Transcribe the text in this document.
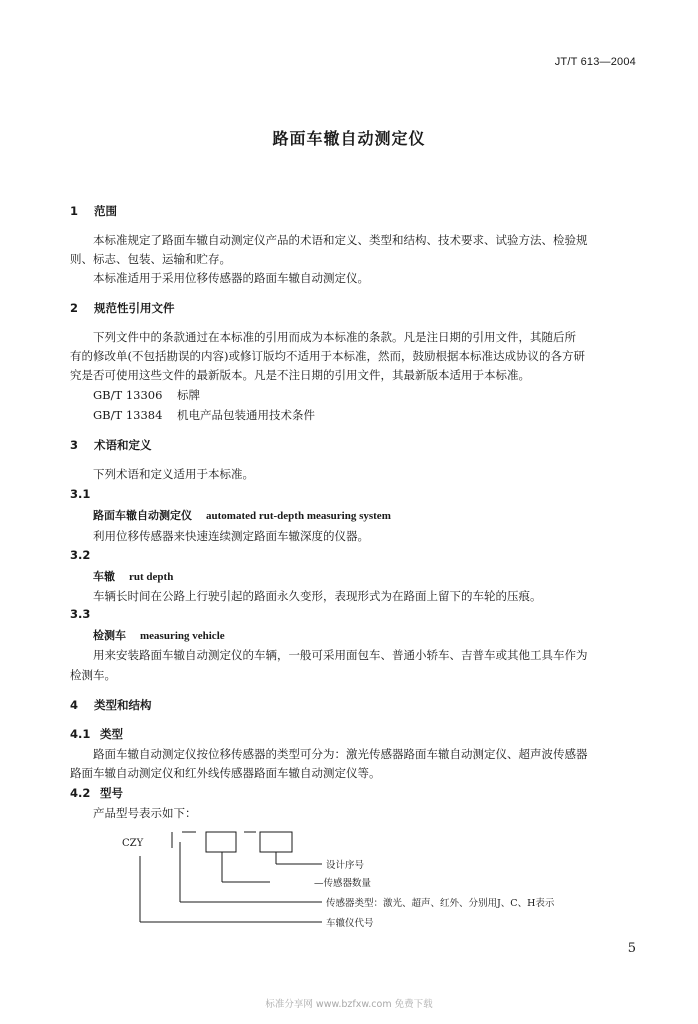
JT/T 613—2004
路面车辙自动测定仪
1 范围
本标准规定了路面车辙自动测定仪产品的术语和定义、类型和结构、技术要求、试验方法、检验规
则、标志、包装、运输和贮存。
本标准适用于采用位移传感器的路面车辙自动测定仪。
2 规范性引用文件
下列文件中的条款通过在本标准的引用而成为本标准的条款。凡是注日期的引用文件，其随后所
有的修改单(不包括勘误的内容)或修订版均不适用于本标准，然而，鼓励根据本标准达成协议的各方研
究是否可使用这些文件的最新版本。凡是不注日期的引用文件，其最新版本适用于本标准。
GB/T 13306 标牌
GB/T 13384 机电产品包装通用技术条件
3 术语和定义
下列术语和定义适用于本标准。
3.1
路面车辙自动测定仪 automated rut-depth measuring system
利用位移传感器来快速连续测定路面车辙深度的仪器。
3.2
车辙 rut depth
车辆长时间在公路上行驶引起的路面永久变形，表现形式为在路面上留下的车轮的压痕。
3.3
检测车 measuring vehicle
用来安装路面车辙自动测定仪的车辆，一般可采用面包车、普通小轿车、吉普车或其他工具车作为
检测车。
4 类型和结构
4.1 类型
路面车辙自动测定仪按位移传感器的类型可分为：激光传感器路面车辙自动测定仪、超声波传感器
路面车辙自动测定仪和红外线传感器路面车辙自动测定仪等。
4.2 型号
产品型号表示如下：
CZY
设计序号
—传感器数量
传感器类型：激光、超声、红外、分别用J、C、H表示
车辙仪代号
5
标准分享网 www.bzfxw.com 免费下载
